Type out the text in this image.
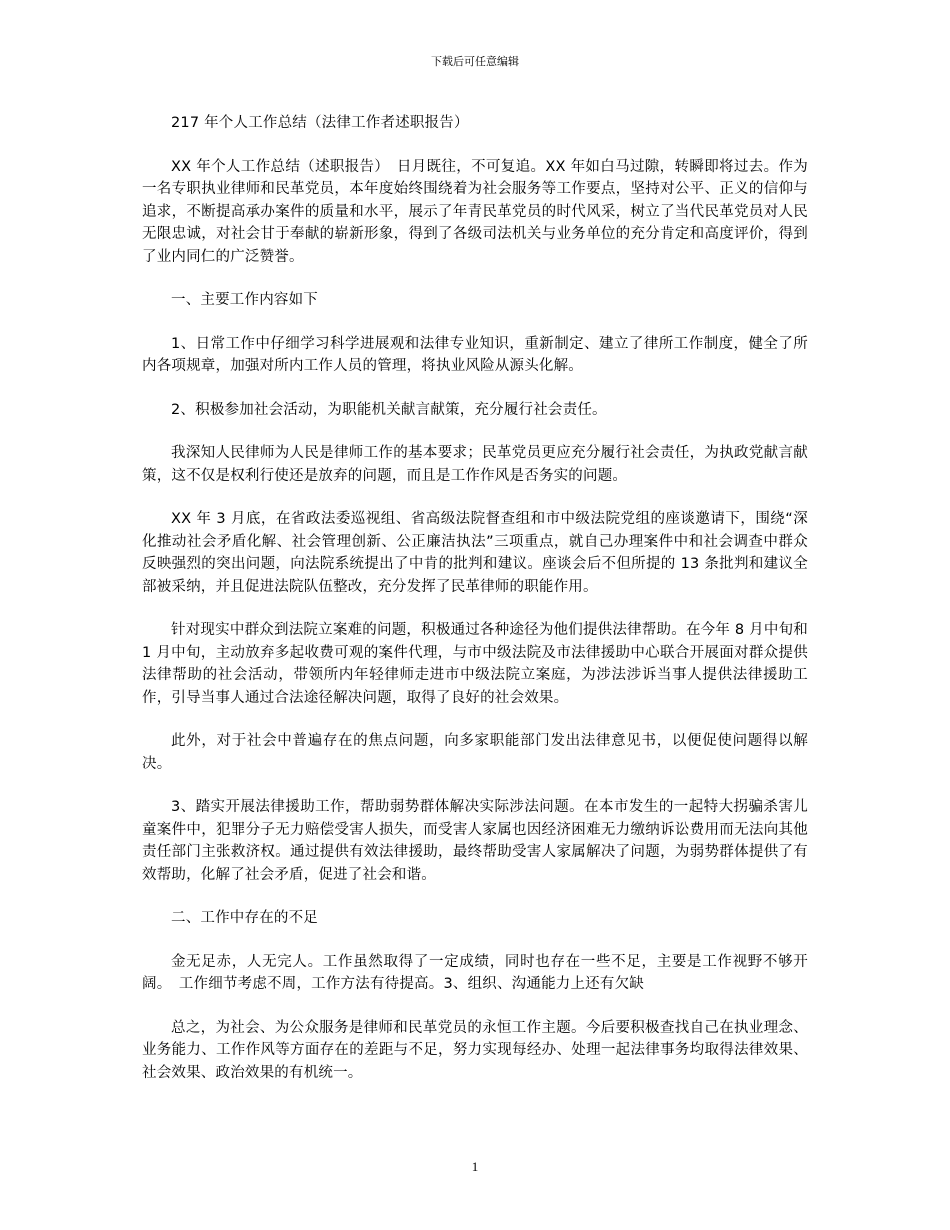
下载后可任意编辑

217 年个人工作总结（法律工作者述职报告）

XX 年个人工作总结（述职报告）　日月既往，不可复追。XX 年如白马过隙，转瞬即将过去。作为一名专职执业律师和民革党员，本年度始终围绕着为社会服务等工作要点，坚持对公平、正义的信仰与追求，不断提高承办案件的质量和水平，展示了年青民革党员的时代风采，树立了当代民革党员对人民无限忠诚，对社会甘于奉献的崭新形象，得到了各级司法机关与业务单位的充分肯定和高度评价，得到了业内同仁的广泛赞誉。

一、主要工作内容如下

1、日常工作中仔细学习科学进展观和法律专业知识，重新制定、建立了律所工作制度，健全了所内各项规章，加强对所内工作人员的管理，将执业风险从源头化解。

2、积极参加社会活动，为职能机关献言献策，充分履行社会责任。

我深知人民律师为人民是律师工作的基本要求；民革党员更应充分履行社会责任，为执政党献言献策，这不仅是权利行使还是放弃的问题，而且是工作作风是否务实的问题。

XX 年 3 月底，在省政法委巡视组、省高级法院督查组和市中级法院党组的座谈邀请下，围绕“深化推动社会矛盾化解、社会管理创新、公正廉洁执法”三项重点，就自己办理案件中和社会调查中群众反映强烈的突出问题，向法院系统提出了中肯的批判和建议。座谈会后不但所提的 13 条批判和建议全部被采纳，并且促进法院队伍整改，充分发挥了民革律师的职能作用。

针对现实中群众到法院立案难的问题，积极通过各种途径为他们提供法律帮助。在今年 8 月中旬和 1 月中旬，主动放弃多起收费可观的案件代理，与市中级法院及市法律援助中心联合开展面对群众提供法律帮助的社会活动，带领所内年轻律师走进市中级法院立案庭，为涉法涉诉当事人提供法律援助工作，引导当事人通过合法途径解决问题，取得了良好的社会效果。

此外，对于社会中普遍存在的焦点问题，向多家职能部门发出法律意见书，以便促使问题得以解决。

3、踏实开展法律援助工作，帮助弱势群体解决实际涉法问题。在本市发生的一起特大拐骗杀害儿童案件中，犯罪分子无力赔偿受害人损失，而受害人家属也因经济困难无力缴纳诉讼费用而无法向其他责任部门主张救济权。通过提供有效法律援助，最终帮助受害人家属解决了问题，为弱势群体提供了有效帮助，化解了社会矛盾，促进了社会和谐。

二、工作中存在的不足

金无足赤，人无完人。工作虽然取得了一定成绩，同时也存在一些不足，主要是工作视野不够开阔。　工作细节考虑不周，工作方法有待提高。3、组织、沟通能力上还有欠缺

总之，为社会、为公众服务是律师和民革党员的永恒工作主题。今后要积极查找自己在执业理念、业务能力、工作作风等方面存在的差距与不足，努力实现每经办、处理一起法律事务均取得法律效果、社会效果、政治效果的有机统一。

1
